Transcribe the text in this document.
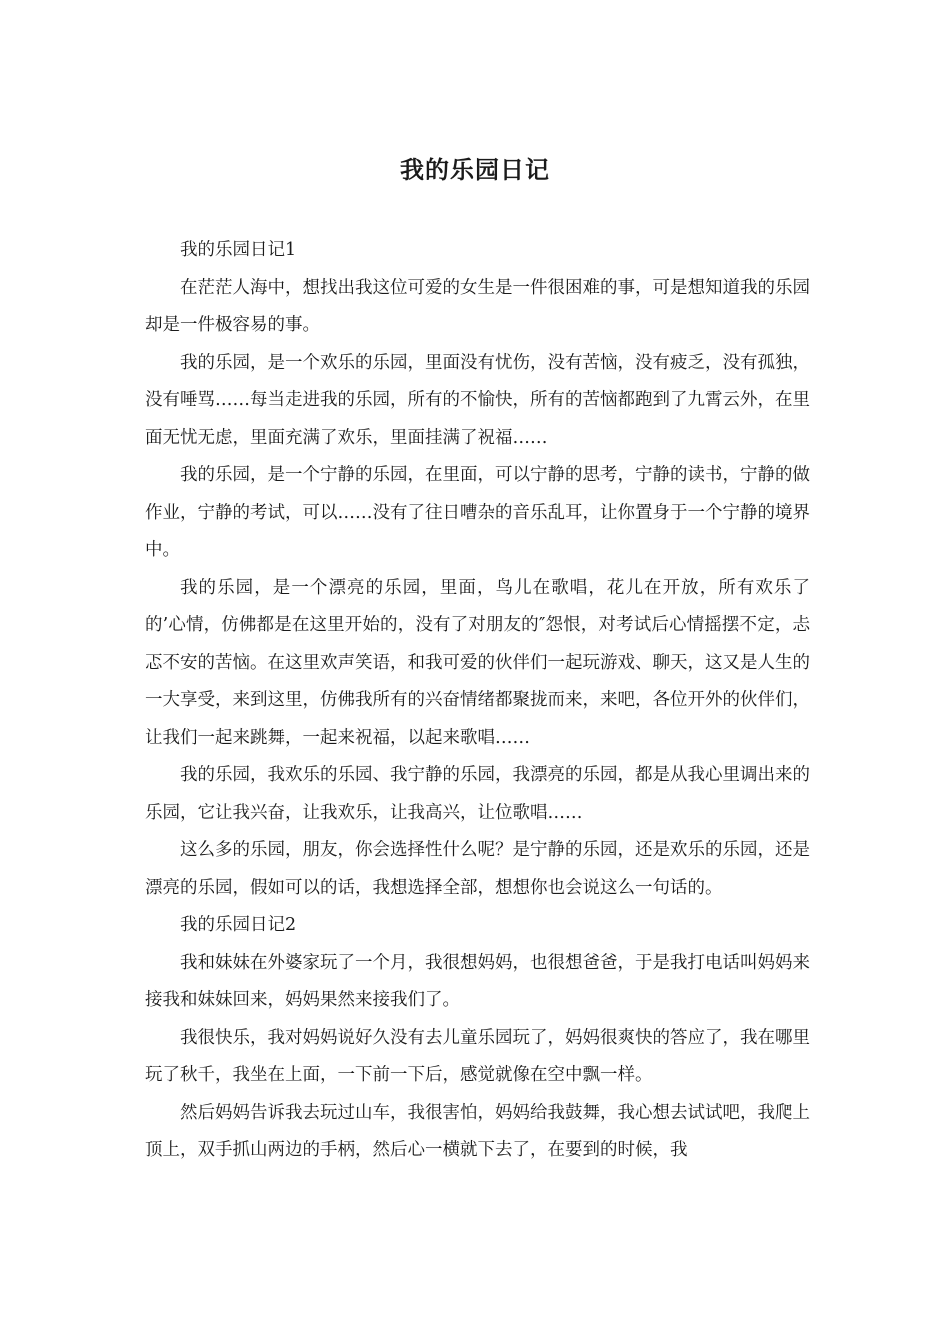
我的乐园日记

我的乐园日记1

在茫茫人海中，想找出我这位可爱的女生是一件很困难的事，可是想知道我的乐园却是一件极容易的事。

我的乐园，是一个欢乐的乐园，里面没有忧伤，没有苦恼，没有疲乏，没有孤独，没有唾骂……每当走进我的乐园，所有的不愉快，所有的苦恼都跑到了九霄云外，在里面无忧无虑，里面充满了欢乐，里面挂满了祝福……

我的乐园，是一个宁静的乐园，在里面，可以宁静的思考，宁静的读书，宁静的做作业，宁静的考试，可以……没有了往日嘈杂的音乐乱耳，让你置身于一个宁静的境界中。

我的乐园，是一个漂亮的乐园，里面，鸟儿在歌唱，花儿在开放，所有欢乐了的’心情，仿佛都是在这里开始的，没有了对朋友的″怨恨，对考试后心情摇摆不定，忐忑不安的苦恼。在这里欢声笑语，和我可爱的伙伴们一起玩游戏、聊天，这又是人生的一大享受，来到这里，仿佛我所有的兴奋情绪都聚拢而来，来吧，各位开外的伙伴们，让我们一起来跳舞，一起来祝福，以起来歌唱……

我的乐园，我欢乐的乐园、我宁静的乐园，我漂亮的乐园，都是从我心里调出来的乐园，它让我兴奋，让我欢乐，让我高兴，让位歌唱……

这么多的乐园，朋友，你会选择性什么呢？是宁静的乐园，还是欢乐的乐园，还是漂亮的乐园，假如可以的话，我想选择全部，想想你也会说这么一句话的。

我的乐园日记2

我和妹妹在外婆家玩了一个月，我很想妈妈，也很想爸爸，于是我打电话叫妈妈来接我和妹妹回来，妈妈果然来接我们了。

我很快乐，我对妈妈说好久没有去儿童乐园玩了，妈妈很爽快的答应了，我在哪里玩了秋千，我坐在上面，一下前一下后，感觉就像在空中飘一样。

然后妈妈告诉我去玩过山车，我很害怕，妈妈给我鼓舞，我心想去试试吧，我爬上顶上，双手抓山两边的手柄，然后心一横就下去了，在要到的时候，我
